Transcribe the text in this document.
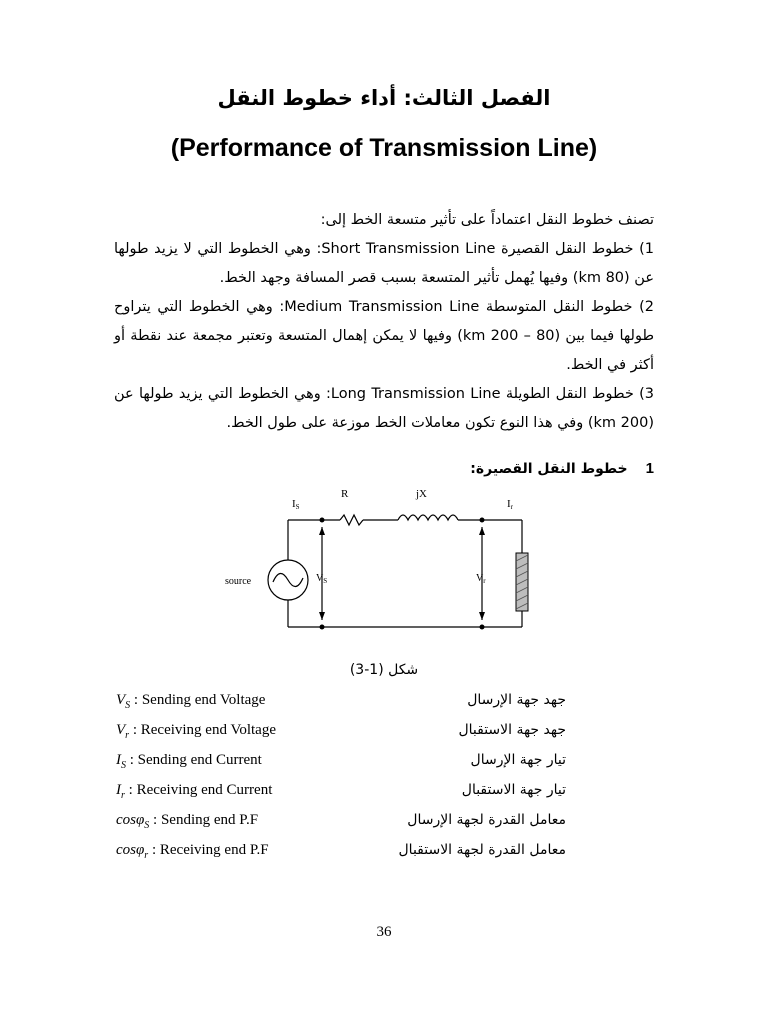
الفصل الثالث: أداء خطوط النقل
(Performance of Transmission Line)
تصنف خطوط النقل اعتماداً على تأثير متسعة الخط إلى:
1) خطوط النقل القصيرة Short Transmission Line: وهي الخطوط التي لا يزيد طولها عن (80 km) وفيها يُهمل تأثير المتسعة بسبب قصر المسافة وجهد الخط.
2) خطوط النقل المتوسطة Medium Transmission Line: وهي الخطوط التي يتراوح طولها فيما بين (80 – 200 km) وفيها لا يمكن إهمال المتسعة وتعتبر مجمعة عند نقطة أو أكثر في الخط.
3) خطوط النقل الطويلة Long Transmission Line: وهي الخطوط التي يزيد طولها عن (200 km) وفي هذا النوع تكون معاملات الخط موزعة على طول الخط.
1خطوط النقل القصيرة:
IS
R	jX
Ir
source	$V_S$	$V_r$
شكل (1-3)
$V_S$ : Sending end Voltage	جهد جهة الإرسال
$V_r$ : Receiving end Voltage	جهد جهة الاستقبال
$I_S$ : Sending end Current	تيار جهة الإرسال
$I_r$ : Receiving end Current	تيار جهة الاستقبال
cosφ$_S$ : Sending end P.F	معامل القدرة لجهة الإرسال
cosφ$_r$ : Receiving end P.F	معامل القدرة لجهة الاستقبال
36
